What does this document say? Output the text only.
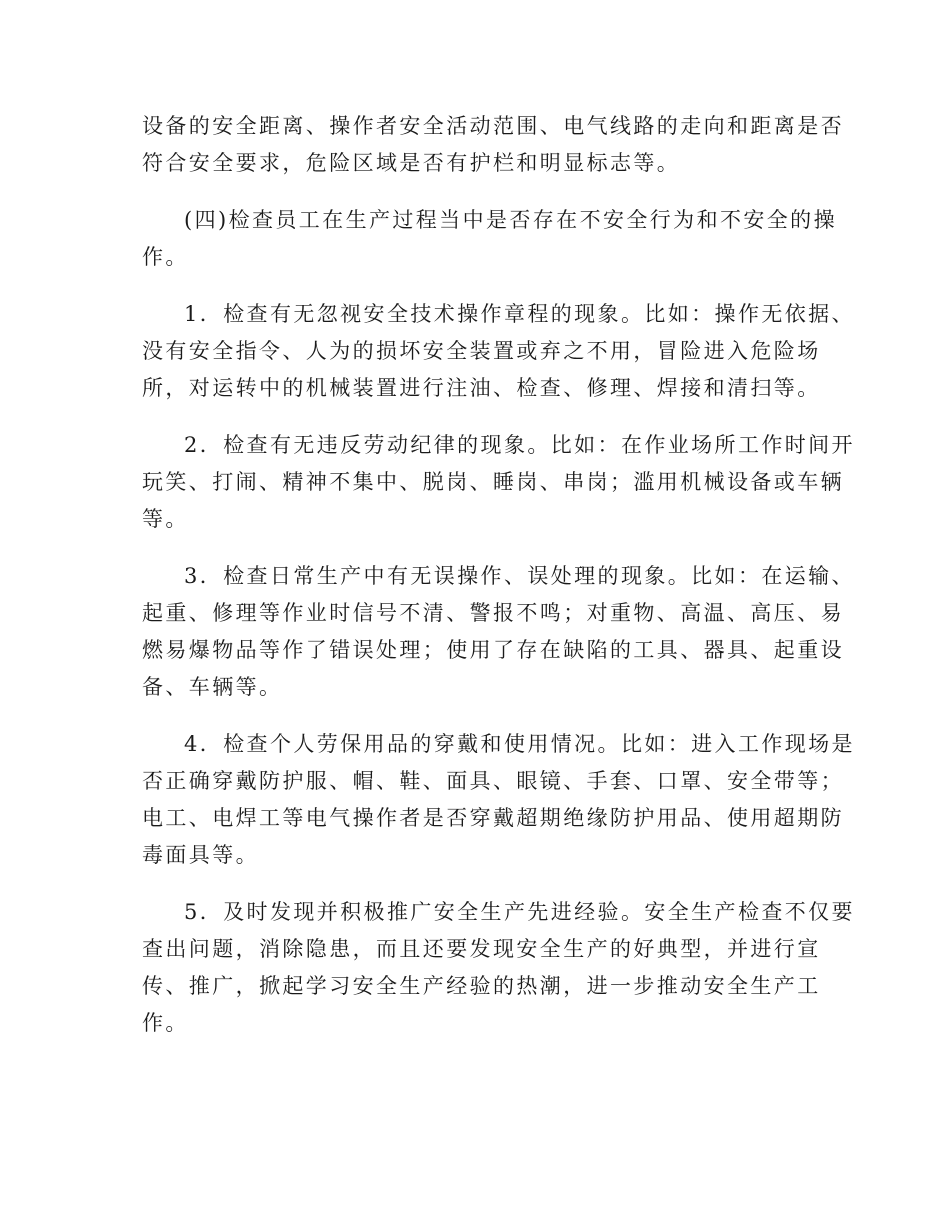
设备的安全距离、操作者安全活动范围、电气线路的走向和距离是否
符合安全要求，危险区域是否有护栏和明显标志等。

(四)检查员工在生产过程当中是否存在不安全行为和不安全的操
作。

1．检查有无忽视安全技术操作章程的现象。比如：操作无依据、
没有安全指令、人为的损坏安全装置或弃之不用，冒险进入危险场
所，对运转中的机械装置进行注油、检查、修理、焊接和清扫等。

2．检查有无违反劳动纪律的现象。比如：在作业场所工作时间开
玩笑、打闹、精神不集中、脱岗、睡岗、串岗；滥用机械设备或车辆
等。

3．检查日常生产中有无误操作、误处理的现象。比如：在运输、
起重、修理等作业时信号不清、警报不鸣；对重物、高温、高压、易
燃易爆物品等作了错误处理；使用了存在缺陷的工具、器具、起重设
备、车辆等。

4．检查个人劳保用品的穿戴和使用情况。比如：进入工作现场是
否正确穿戴防护服、帽、鞋、面具、眼镜、手套、口罩、安全带等；
电工、电焊工等电气操作者是否穿戴超期绝缘防护用品、使用超期防
毒面具等。

5．及时发现并积极推广安全生产先进经验。安全生产检查不仅要
查出问题，消除隐患，而且还要发现安全生产的好典型，并进行宣
传、推广，掀起学习安全生产经验的热潮，进一步推动安全生产工
作。
